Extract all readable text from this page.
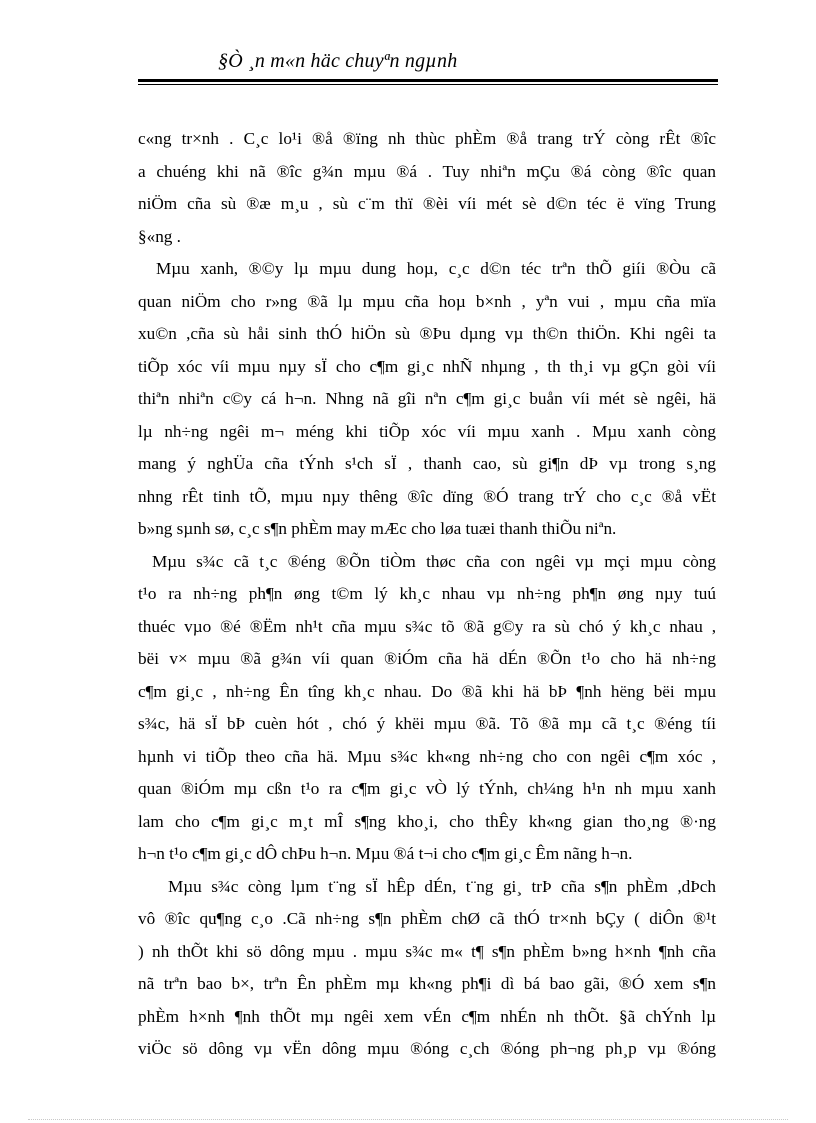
§Ò ¸n m«n häc chuyªn ngµnh
c«ng tr×nh . C¸c lo¹i ®å ®ïng nh thùc phÈm ®å trang trÝ còng rÊt ®îc
a chuéng khi nã ®îc g¾n mµu ®á . Tuy nhiªn mÇu ®á còng ®îc quan
niÖm cña sù ®æ m¸u , sù c¨m thï ®èi víi mét sè d©n téc ë vïng Trung
§«ng .
Mµu xanh, ®©y lµ mµu dung hoµ, c¸c d©n téc trªn thÕ giíi ®Òu cã
quan niÖm cho r»ng ®ã lµ mµu cña hoµ b×nh , yªn vui , mµu cña mïa
xu©n ,cña sù håi sinh thÓ hiÖn sù ®Þu dµng vµ th©n thiÖn. Khi ngêi ta
tiÕp xóc víi mµu nµy sÏ cho c¶m gi¸c nhÑ nhµng , th th¸i vµ gÇn gòi víi
thiªn nhiªn c©y cá h¬n. Nhng nã gîi nªn c¶m gi¸c buån víi mét sè ngêi, hä
lµ nh÷ng ngêi m¬ méng khi tiÕp xóc víi mµu xanh . Mµu xanh còng
mang ý nghÜa cña tÝnh s¹ch sÏ , thanh cao, sù gi¶n dÞ vµ trong s¸ng
nhng rÊt tinh tÕ, mµu nµy thêng ®îc dïng ®Ó trang trÝ cho c¸c ®å vËt
b»ng sµnh sø, c¸c s¶n phÈm may mÆc cho løa tuæi thanh thiÕu niªn.
Mµu s¾c cã t¸c ®éng ®Õn tiÒm thøc cña con ngêi vµ mçi mµu còng
t¹o ra nh÷ng ph¶n øng t©m lý kh¸c nhau vµ nh÷ng ph¶n øng nµy tuú
thuéc vµo ®é ®Ëm nh¹t cña mµu s¾c tõ ®ã g©y ra sù chó ý kh¸c nhau ,
bëi v× mµu ®ã g¾n víi quan ®iÓm cña hä dÉn ®Õn t¹o cho hä nh÷ng
c¶m gi¸c , nh÷ng Ên tîng kh¸c nhau. Do ®ã khi hä bÞ ¶nh hëng bëi mµu
s¾c, hä sÏ bÞ cuèn hót , chó ý khëi mµu ®ã. Tõ ®ã mµ cã t¸c ®éng tíi
hµnh vi tiÕp theo cña hä. Mµu s¾c kh«ng nh÷ng cho con ngêi c¶m xóc ,
quan ®iÓm mµ cßn t¹o ra c¶m gi¸c vÒ lý tÝnh, ch¼ng h¹n nh mµu xanh
lam cho c¶m gi¸c m¸t mÎ s¶ng kho¸i, cho thÊy kh«ng gian tho¸ng ®·ng
h¬n t¹o c¶m gi¸c dÔ chÞu h¬n. Mµu ®á t¬i cho c¶m gi¸c Êm nãng h¬n.
Mµu s¾c còng lµm t¨ng sÏ hÊp dÉn, t¨ng gi¸ trÞ cña s¶n phÈm ,dÞch
vô ®îc qu¶ng c¸o .Cã nh÷ng s¶n phÈm chØ cã thÓ tr×nh bÇy ( diÔn ®¹t
) nh thÕt khi sö dông mµu . mµu s¾c m« t¶ s¶n phÈm b»ng h×nh ¶nh cña
nã trªn bao b×, trªn Ên phÈm mµ kh«ng ph¶i dì bá bao gãi, ®Ó xem s¶n
phÈm h×nh ¶nh thÕt mµ ngêi xem vÉn c¶m nhÉn nh thÕt. §ã chÝnh lµ
viÖc sö dông vµ vËn dông mµu ®óng c¸ch ®óng ph¬ng ph¸p vµ ®óng
